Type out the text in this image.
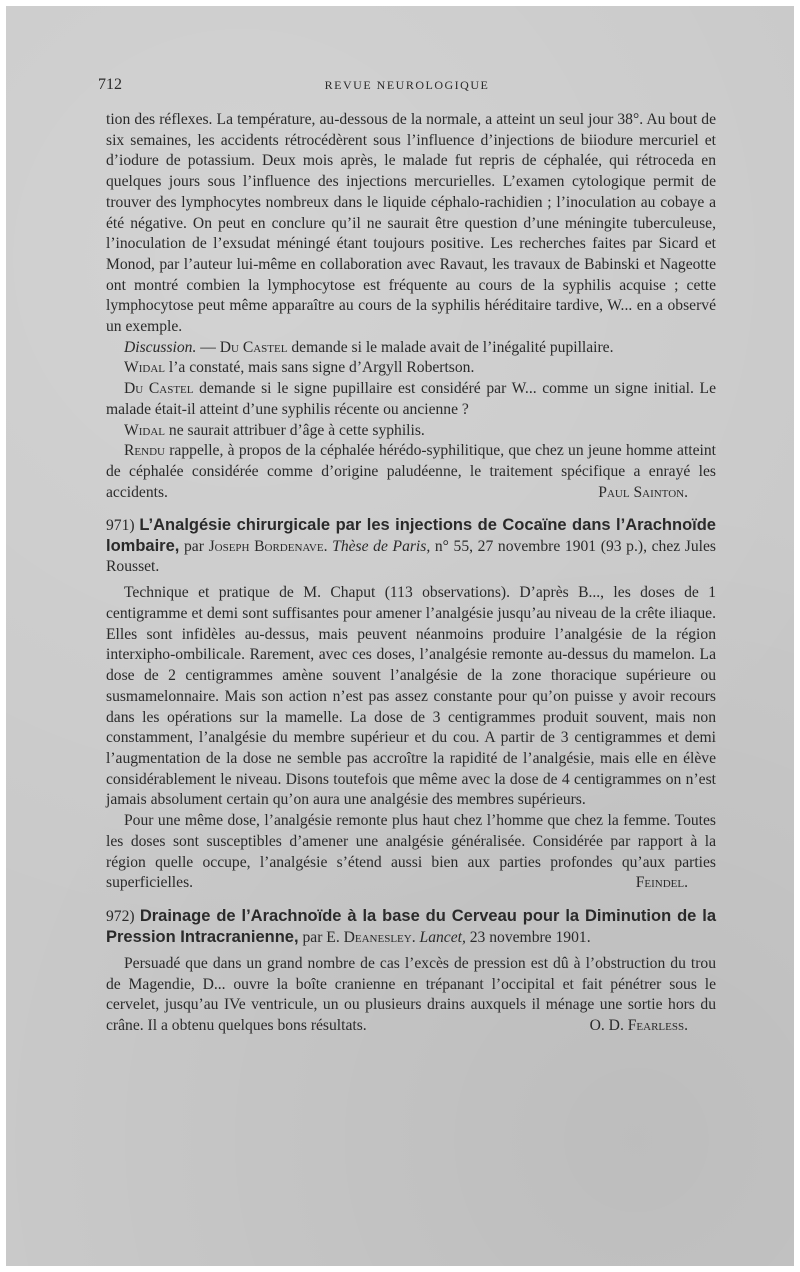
712	REVUE NEUROLOGIQUE

tion des réflexes. La température, au-dessous de la normale, a atteint un seul jour 38°. Au bout de six semaines, les accidents rétrocédèrent sous l’influence d’injections de biiodure mercuriel et d’iodure de potassium. Deux mois après, le malade fut repris de céphalée, qui rétroceda en quelques jours sous l’influence des injections mercurielles. L’examen cytologique permit de trouver des lymphocytes nombreux dans le liquide céphalo-rachidien ; l’inoculation au cobaye a été négative. On peut en conclure qu’il ne saurait être question d’une méningite tuberculeuse, l’inoculation de l’exsudat méningé étant toujours positive. Les recherches faites par Sicard et Monod, par l’auteur lui-même en collaboration avec Ravaut, les travaux de Babinski et Nageotte ont montré combien la lymphocytose est fréquente au cours de la syphilis acquise ; cette lymphocytose peut même apparaître au cours de la syphilis héréditaire tardive, W... en a observé un exemple.

Discussion. — Du Castel demande si le malade avait de l’inégalité pupillaire.

Widal l’a constaté, mais sans signe d’Argyll Robertson.

Du Castel demande si le signe pupillaire est considéré par W... comme un signe initial. Le malade était-il atteint d’une syphilis récente ou ancienne ?

Widal ne saurait attribuer d’âge à cette syphilis.

Rendu rappelle, à propos de la céphalée hérédo-syphilitique, que chez un jeune homme atteint de céphalée considérée comme d’origine paludéenne, le traitement spécifique a enrayé les accidents.	Paul Sainton.

971) L’Analgésie chirurgicale par les injections de Cocaïne dans l’Arachnoïde lombaire, par Joseph Bordenave. Thèse de Paris, n° 55, 27 novembre 1901 (93 p.), chez Jules Rousset.

Technique et pratique de M. Chaput (113 observations). D’après B..., les doses de 1 centigramme et demi sont suffisantes pour amener l’analgésie jusqu’au niveau de la crête iliaque. Elles sont infidèles au-dessus, mais peuvent néanmoins produire l’analgésie de la région interxipho-ombilicale. Rarement, avec ces doses, l’analgésie remonte au-dessus du mamelon. La dose de 2 centigrammes amène souvent l’analgésie de la zone thoracique supérieure ou susmamelonnaire. Mais son action n’est pas assez constante pour qu’on puisse y avoir recours dans les opérations sur la mamelle. La dose de 3 centigrammes produit souvent, mais non constamment, l’analgésie du membre supérieur et du cou. A partir de 3 centigrammes et demi l’augmentation de la dose ne semble pas accroître la rapidité de l’analgésie, mais elle en élève considérablement le niveau. Disons toutefois que même avec la dose de 4 centigrammes on n’est jamais absolument certain qu’on aura une analgésie des membres supérieurs.

Pour une même dose, l’analgésie remonte plus haut chez l’homme que chez la femme. Toutes les doses sont susceptibles d’amener une analgésie généralisée. Considérée par rapport à la région quelle occupe, l’analgésie s’étend aussi bien aux parties profondes qu’aux parties superficielles.	Feindel.

972) Drainage de l’Arachnoïde à la base du Cerveau pour la Diminution de la Pression Intracranienne, par E. Deanesley. Lancet, 23 novembre 1901.

Persuadé que dans un grand nombre de cas l’excès de pression est dû à l’obstruction du trou de Magendie, D... ouvre la boîte cranienne en trépanant l’occipital et fait pénétrer sous le cervelet, jusqu’au IVe ventricule, un ou plusieurs drains auxquels il ménage une sortie hors du crâne. Il a obtenu quelques bons résultats.	O. D. Fearless.
